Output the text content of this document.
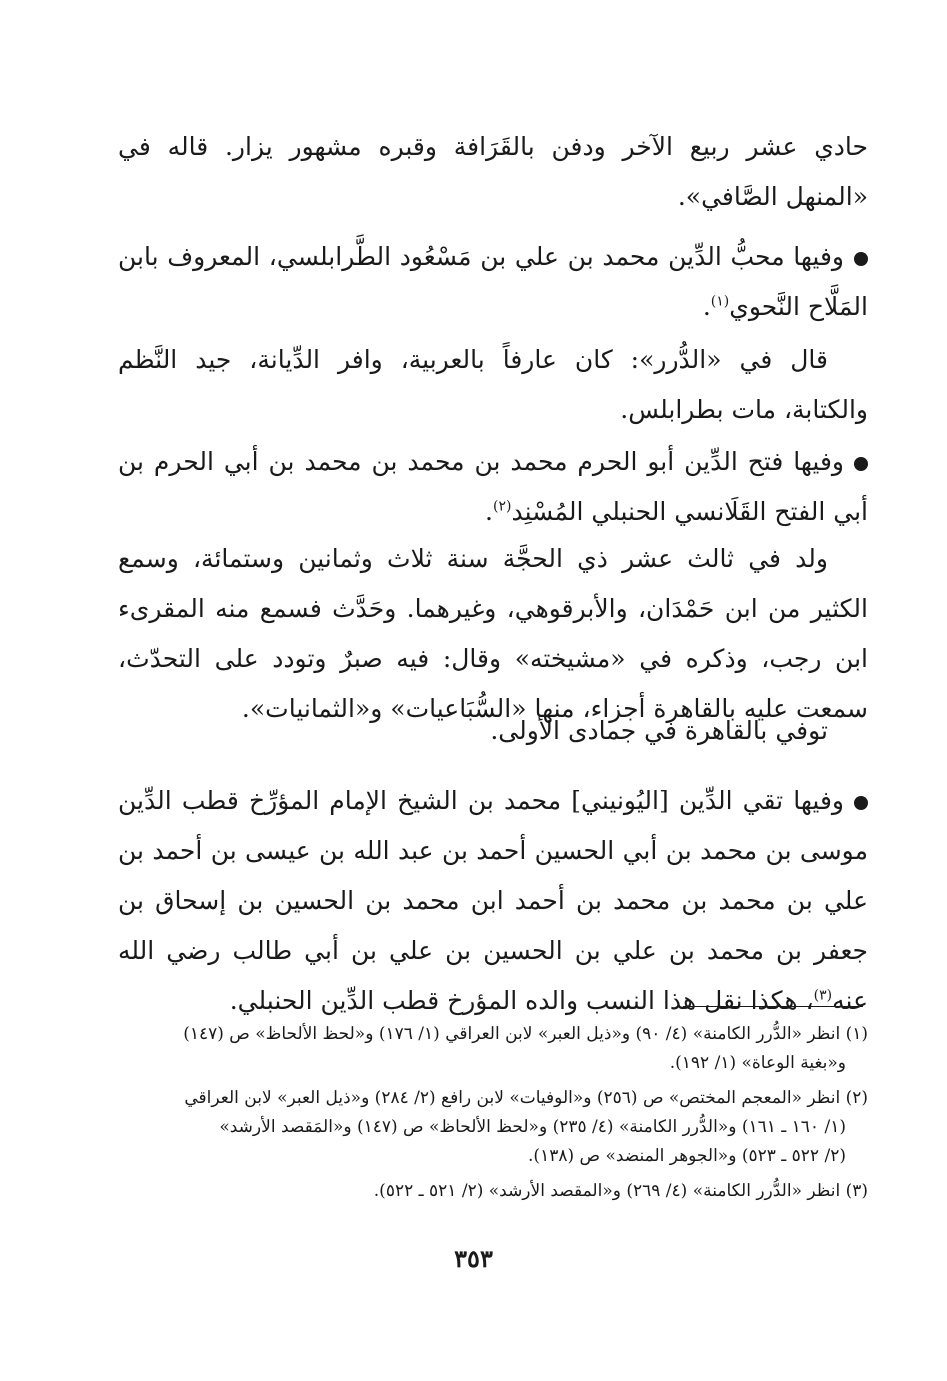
حادي عشر ربيع الآخر ودفن بالقَرَافة وقبره مشهور يزار. قاله في «المنهل الصَّافي».

وفيها محبُّ الدِّين محمد بن علي بن مَسْعُود الطَّرابلسي، المعروف بابن المَلَّاح النَّحوي$^{(١)}$.

قال في «الدُّرر»: كان عارفاً بالعربية، وافر الدِّيانة، جيد النَّظم والكتابة، مات بطرابلس.

وفيها فتح الدِّين أبو الحرم محمد بن محمد بن محمد بن أبي الحرم بن أبي الفتح القَلَانسي الحنبلي المُسْنِد$^{(٢)}$.

ولد في ثالث عشر ذي الحجَّة سنة ثلاث وثمانين وستمائة، وسمع الكثير من ابن حَمْدَان، والأبرقوهي، وغيرهما. وحَدَّث فسمع منه المقرىء ابن رجب، وذكره في «مشيخته» وقال: فيه صبرٌ وتودد على التحدّث، سمعت عليه بالقاهرة أجزاء، منها «السُّبَاعيات» و«الثمانيات».

توفي بالقاهرة في جمادى الأولى.

وفيها تقي الدِّين [اليُونيني] محمد بن الشيخ الإمام المؤرِّخ قطب الدِّين موسى بن محمد بن أبي الحسين أحمد بن عبد الله بن عيسى بن أحمد بن علي بن محمد بن محمد بن أحمد ابن محمد بن الحسين بن إسحاق بن جعفر بن محمد بن علي بن الحسين بن علي بن أبي طالب رضي الله عنه$^{(٣)}$، هكذا نقل هذا النسب والده المؤرخ قطب الدِّين الحنبلي.

(١) انظر «الدُّرر الكامنة» (٤/ ٩٠) و«ذيل العبر» لابن العراقي (١/ ١٧٦) و«لحظ الألحاظ» ص (١٤٧)
و«بغية الوعاة» (١/ ١٩٢).
(٢) انظر «المعجم المختص» ص (٢٥٦) و«الوفيات» لابن رافع (٢/ ٢٨٤) و«ذيل العبر» لابن العراقي
(١/ ١٦٠ ـ ١٦١) و«الدُّرر الكامنة» (٤/ ٢٣٥) و«لحظ الألحاظ» ص (١٤٧) و«المَقصد الأرشد»
(٢/ ٥٢٢ ـ ٥٢٣) و«الجوهر المنضد» ص (١٣٨).
(٣) انظر «الدُّرر الكامنة» (٤/ ٢٦٩) و«المقصد الأرشد» (٢/ ٥٢١ ـ ٥٢٢).
٣٥٣
